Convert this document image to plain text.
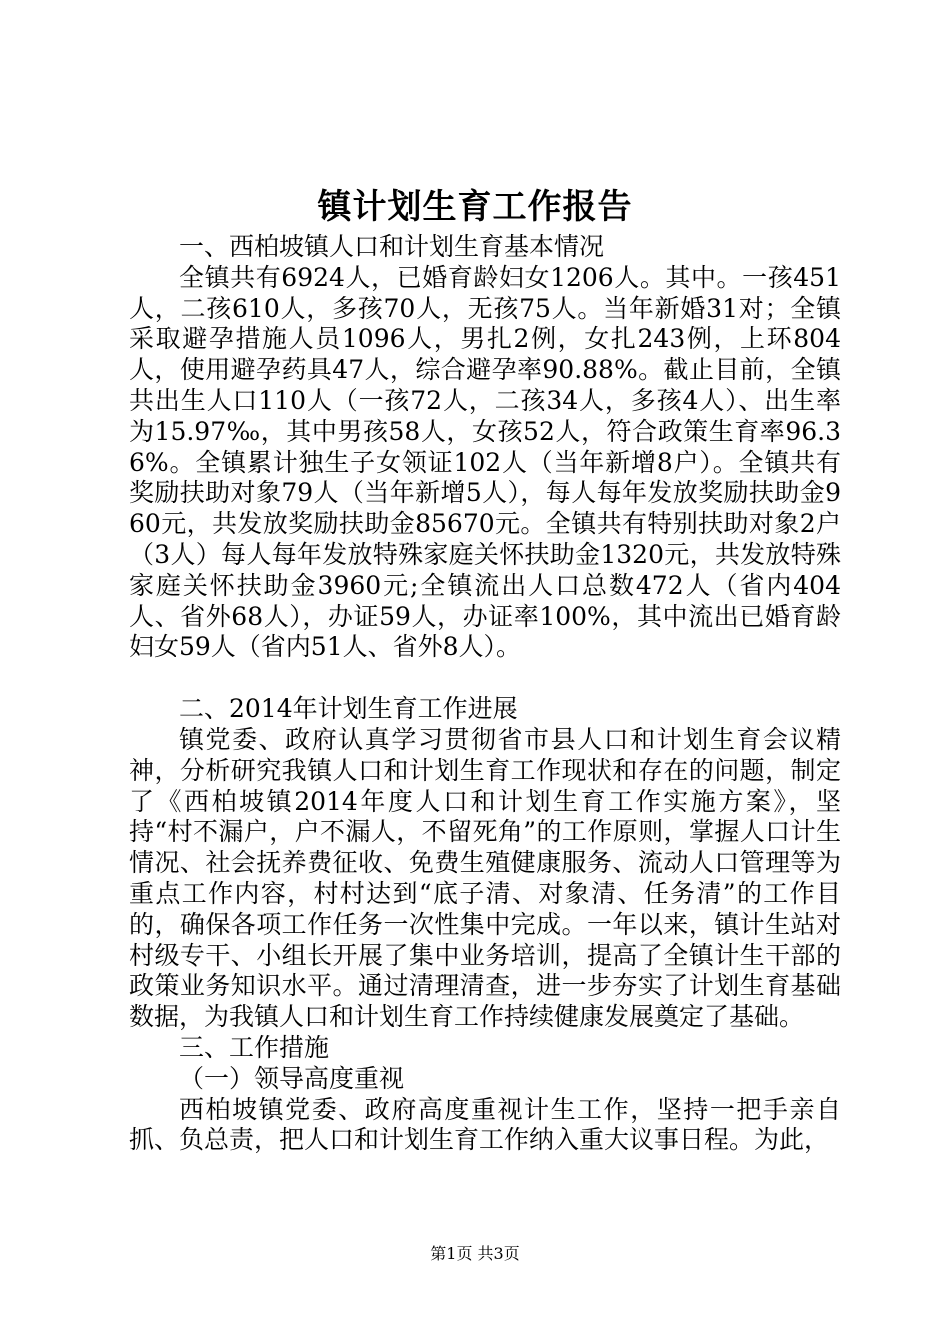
镇计划生育工作报告

一、西柏坡镇人口和计划生育基本情况

全镇共有6924人，已婚育龄妇女1206人。其中。一孩451人，二孩610人，多孩70人，无孩75人。当年新婚31对；全镇采取避孕措施人员1096人，男扎2例，女扎243例，上环804人，使用避孕药具47人，综合避孕率90.88%。截止目前，全镇共出生人口110人（一孩72人，二孩34人，多孩4人）、出生率为15.97‰，其中男孩58人，女孩52人，符合政策生育率96.36%。全镇累计独生子女领证102人（当年新增8户）。全镇共有奖励扶助对象79人（当年新增5人），每人每年发放奖励扶助金960元，共发放奖励扶助金85670元。全镇共有特别扶助对象2户（3人）每人每年发放特殊家庭关怀扶助金1320元，共发放特殊家庭关怀扶助金3960元;全镇流出人口总数472人（省内404人、省外68人），办证59人，办证率100%，其中流出已婚育龄妇女59人（省内51人、省外8人）。

二、2014年计划生育工作进展

镇党委、政府认真学习贯彻省市县人口和计划生育会议精神，分析研究我镇人口和计划生育工作现状和存在的问题，制定了《西柏坡镇2014年度人口和计划生育工作实施方案》，坚持“村不漏户，户不漏人，不留死角”的工作原则，掌握人口计生情况、社会抚养费征收、免费生殖健康服务、流动人口管理等为重点工作内容，村村达到“底子清、对象清、任务清”的工作目的，确保各项工作任务一次性集中完成。一年以来，镇计生站对村级专干、小组长开展了集中业务培训，提高了全镇计生干部的政策业务知识水平。通过清理清查，进一步夯实了计划生育基础数据，为我镇人口和计划生育工作持续健康发展奠定了基础。

三、工作措施

（一）领导高度重视

西柏坡镇党委、政府高度重视计生工作，坚持一把手亲自抓、负总责，把人口和计划生育工作纳入重大议事日程。为此，

第1页 共3页
